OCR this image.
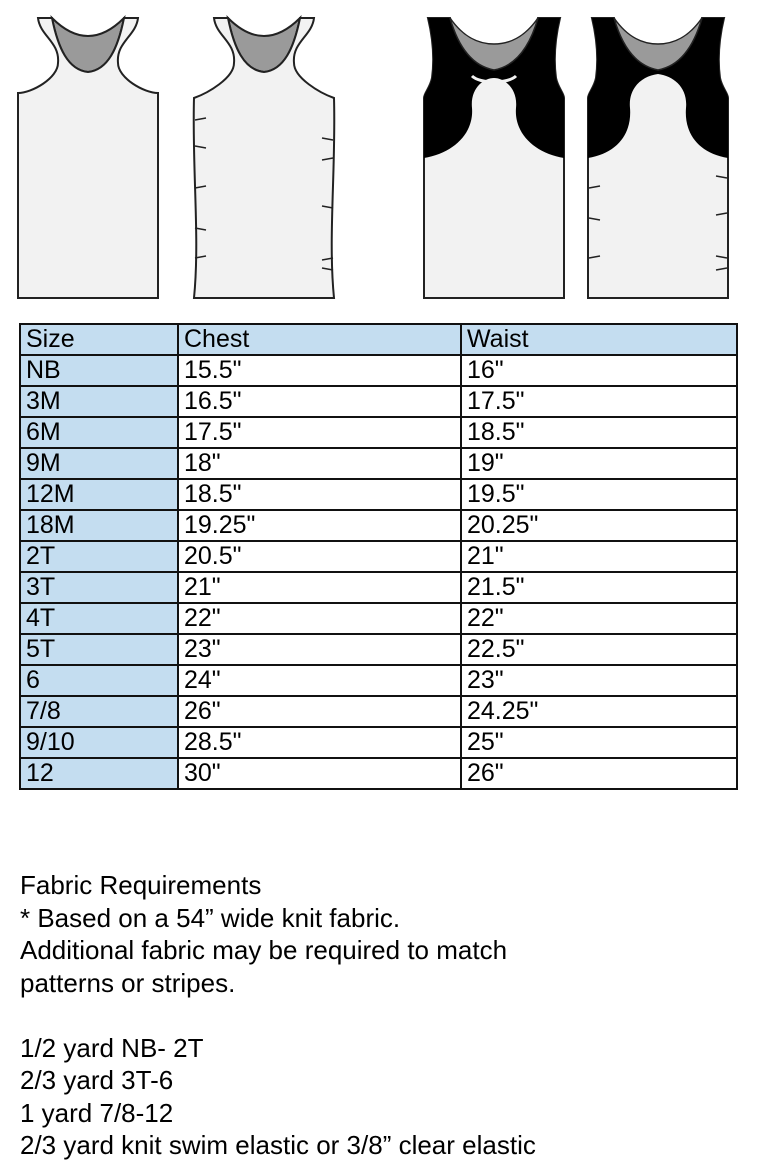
Size	Chest	Waist
NB	15.5"	16"
3M	16.5"	17.5"
6M	17.5"	18.5"
9M	18"	19"
12M	18.5"	19.5"
18M	19.25"	20.25"
2T	20.5"	21"
3T	21"	21.5"
4T	22"	22"
5T	23"	22.5"
6	24"	23"
7/8	26"	24.25"
9/10	28.5"	25"
12	30"	26"

Fabric Requirements

* Based on a 54” wide knit fabric.

Additional fabric may be required to match

patterns or stripes.

1/2 yard NB- 2T

2/3 yard 3T-6

1 yard 7/8-12

2/3 yard knit swim elastic or 3/8” clear elastic
